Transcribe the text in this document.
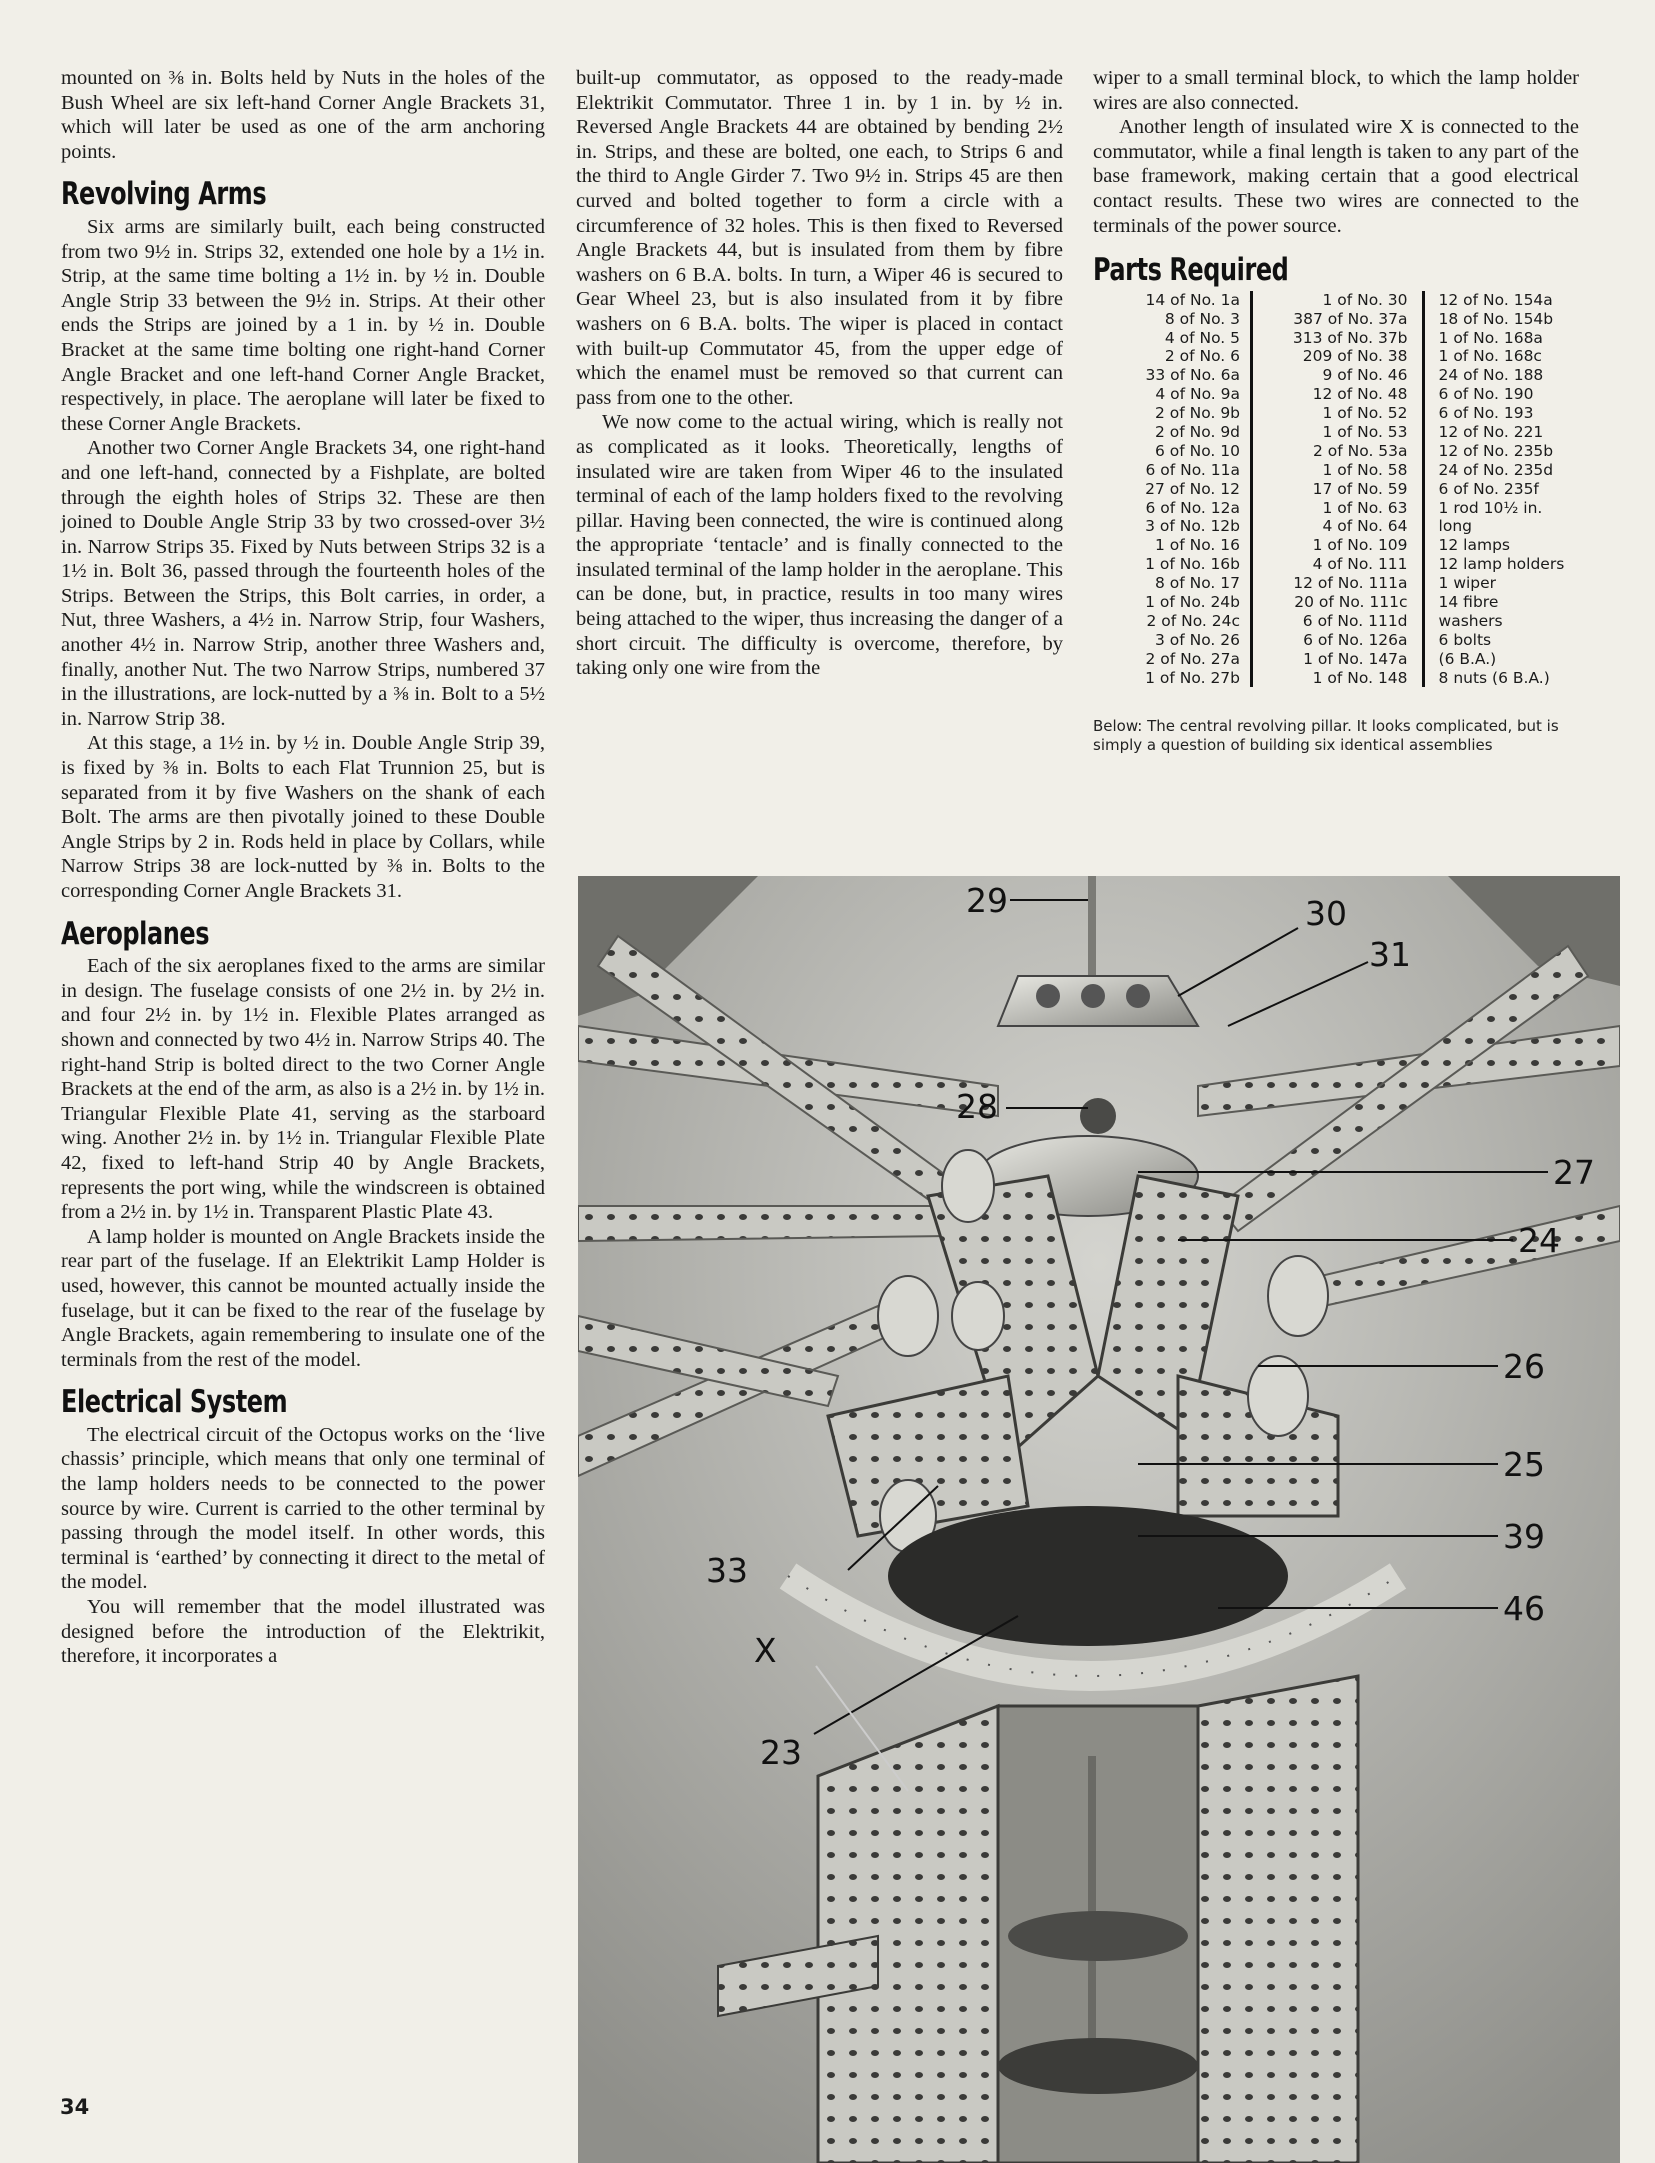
mounted on ⅜ in. Bolts held by Nuts in the holes of the Bush Wheel are six left-hand Corner Angle Brackets 31, which will later be used as one of the arm anchoring points.

Revolving Arms

Six arms are similarly built, each being constructed from two 9½ in. Strips 32, extended one hole by a 1½ in. Strip, at the same time bolting a 1½ in. by ½ in. Double Angle Strip 33 between the 9½ in. Strips. At their other ends the Strips are joined by a 1 in. by ½ in. Double Bracket at the same time bolting one right-hand Corner Angle Bracket and one left-hand Corner Angle Bracket, respectively, in place. The aeroplane will later be fixed to these Corner Angle Brackets.

Another two Corner Angle Brackets 34, one right-hand and one left-hand, connected by a Fishplate, are bolted through the eighth holes of Strips 32. These are then joined to Double Angle Strip 33 by two crossed-over 3½ in. Narrow Strips 35. Fixed by Nuts between Strips 32 is a 1½ in. Bolt 36, passed through the fourteenth holes of the Strips. Between the Strips, this Bolt carries, in order, a Nut, three Washers, a 4½ in. Narrow Strip, four Washers, another 4½ in. Narrow Strip, another three Washers and, finally, another Nut. The two Narrow Strips, numbered 37 in the illustrations, are lock-nutted by a ⅜ in. Bolt to a 5½ in. Narrow Strip 38.

At this stage, a 1½ in. by ½ in. Double Angle Strip 39, is fixed by ⅜ in. Bolts to each Flat Trunnion 25, but is separated from it by five Washers on the shank of each Bolt. The arms are then pivotally joined to these Double Angle Strips by 2 in. Rods held in place by Collars, while Narrow Strips 38 are lock-nutted by ⅜ in. Bolts to the corresponding Corner Angle Brackets 31.

Aeroplanes

Each of the six aeroplanes fixed to the arms are similar in design. The fuselage consists of one 2½ in. by 2½ in. and four 2½ in. by 1½ in. Flexible Plates arranged as shown and connected by two 4½ in. Narrow Strips 40. The right-hand Strip is bolted direct to the two Corner Angle Brackets at the end of the arm, as also is a 2½ in. by 1½ in. Triangular Flexible Plate 41, serving as the starboard wing. Another 2½ in. by 1½ in. Triangular Flexible Plate 42, fixed to left-hand Strip 40 by Angle Brackets, represents the port wing, while the windscreen is obtained from a 2½ in. by 1½ in. Transparent Plastic Plate 43.

A lamp holder is mounted on Angle Brackets inside the rear part of the fuselage. If an Elektrikit Lamp Holder is used, however, this cannot be mounted actually inside the fuselage, but it can be fixed to the rear of the fuselage by Angle Brackets, again remembering to insulate one of the terminals from the rest of the model.

Electrical System

The electrical circuit of the Octopus works on the ‘live chassis’ principle, which means that only one terminal of the lamp holders needs to be connected to the power source by wire. Current is carried to the other terminal by passing through the model itself. In other words, this terminal is ‘earthed’ by connecting it direct to the metal of the model.

You will remember that the model illustrated was designed before the introduction of the Elektrikit, therefore, it incorporates a

built-up commutator, as opposed to the ready-made Elektrikit Commutator. Three 1 in. by 1 in. by ½ in. Reversed Angle Brackets 44 are obtained by bending 2½ in. Strips, and these are bolted, one each, to Strips 6 and the third to Angle Girder 7. Two 9½ in. Strips 45 are then curved and bolted together to form a circle with a circumference of 32 holes. This is then fixed to Reversed Angle Brackets 44, but is insulated from them by fibre washers on 6 B.A. bolts. In turn, a Wiper 46 is secured to Gear Wheel 23, but is also insulated from it by fibre washers on 6 B.A. bolts. The wiper is placed in contact with built-up Commutator 45, from the upper edge of which the enamel must be removed so that current can pass from one to the other.

We now come to the actual wiring, which is really not as complicated as it looks. Theoretically, lengths of insulated wire are taken from Wiper 46 to the insulated terminal of each of the lamp holders fixed to the revolving pillar. Having been connected, the wire is continued along the appropriate ‘tentacle’ and is finally connected to the insulated terminal of the lamp holder in the aeroplane. This can be done, but, in practice, results in too many wires being attached to the wiper, thus increasing the danger of a short circuit. The difficulty is overcome, therefore, by taking only one wire from the

wiper to a small terminal block, to which the lamp holder wires are also connected.

Another length of insulated wire X is connected to the commutator, while a final length is taken to any part of the base framework, making certain that a good electrical contact results. These two wires are connected to the terminals of the power source.

Parts Required
14 of No. 1a
8 of No. 3
4 of No. 5
2 of No. 6
33 of No. 6a
4 of No. 9a
2 of No. 9b
2 of No. 9d
6 of No. 10
6 of No. 11a
27 of No. 12
6 of No. 12a
3 of No. 12b
1 of No. 16
1 of No. 16b
8 of No. 17
1 of No. 24b
2 of No. 24c
3 of No. 26
2 of No. 27a
1 of No. 27b
1 of No. 30
387 of No. 37a
313 of No. 37b
209 of No. 38
9 of No. 46
12 of No. 48
1 of No. 52
1 of No. 53
2 of No. 53a
1 of No. 58
17 of No. 59
1 of No. 63
4 of No. 64
1 of No. 109
4 of No. 111
12 of No. 111a
20 of No. 111c
6 of No. 111d
6 of No. 126a
1 of No. 147a
1 of No. 148
12 of No. 154a
18 of No. 154b
1 of No. 168a
1 of No. 168c
24 of No. 188
6 of No. 190
6 of No. 193
12 of No. 221
12 of No. 235b
24 of No. 235d
6 of No. 235f
1 rod 10½ in.
long
12 lamps
12 lamp holders
1 wiper
14 fibre
washers
6 bolts
(6 B.A.)
8 nuts (6 B.A.)
Below: The central revolving pillar. It looks complicated, but is simply a question of building six identical assemblies
29	30
31
28
27
24
26
25
39
46
33
X
23
34
